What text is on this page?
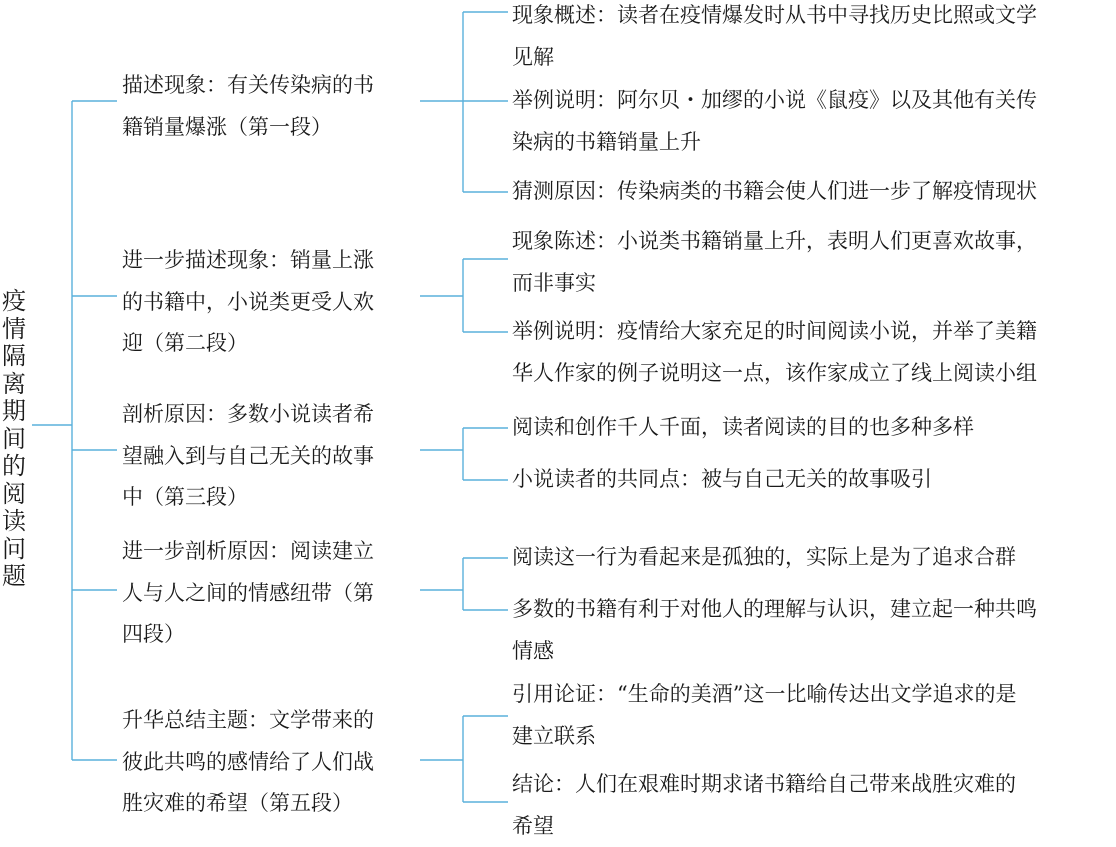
疫情隔离期间的阅读问题
描述现象：有关传染病的书
籍销量爆涨（第一段）
现象概述：读者在疫情爆发时从书中寻找历史比照或文学
见解
举例说明：阿尔贝・加缪的小说《鼠疫》以及其他有关传
染病的书籍销量上升
猜测原因：传染病类的书籍会使人们进一步了解疫情现状
进一步描述现象：销量上涨
的书籍中，小说类更受人欢
迎（第二段）
现象陈述：小说类书籍销量上升，表明人们更喜欢故事，
而非事实
举例说明：疫情给大家充足的时间阅读小说，并举了美籍
华人作家的例子说明这一点，该作家成立了线上阅读小组
剖析原因：多数小说读者希
望融入到与自己无关的故事
中（第三段）
阅读和创作千人千面，读者阅读的目的也多种多样
小说读者的共同点：被与自己无关的故事吸引
进一步剖析原因：阅读建立
人与人之间的情感纽带（第
四段）
阅读这一行为看起来是孤独的，实际上是为了追求合群
多数的书籍有利于对他人的理解与认识，建立起一种共鸣
情感
升华总结主题：文学带来的
彼此共鸣的感情给了人们战
胜灾难的希望（第五段）
引用论证：“生命的美酒”这一比喻传达出文学追求的是
建立联系
结论：人们在艰难时期求诸书籍给自己带来战胜灾难的
希望
